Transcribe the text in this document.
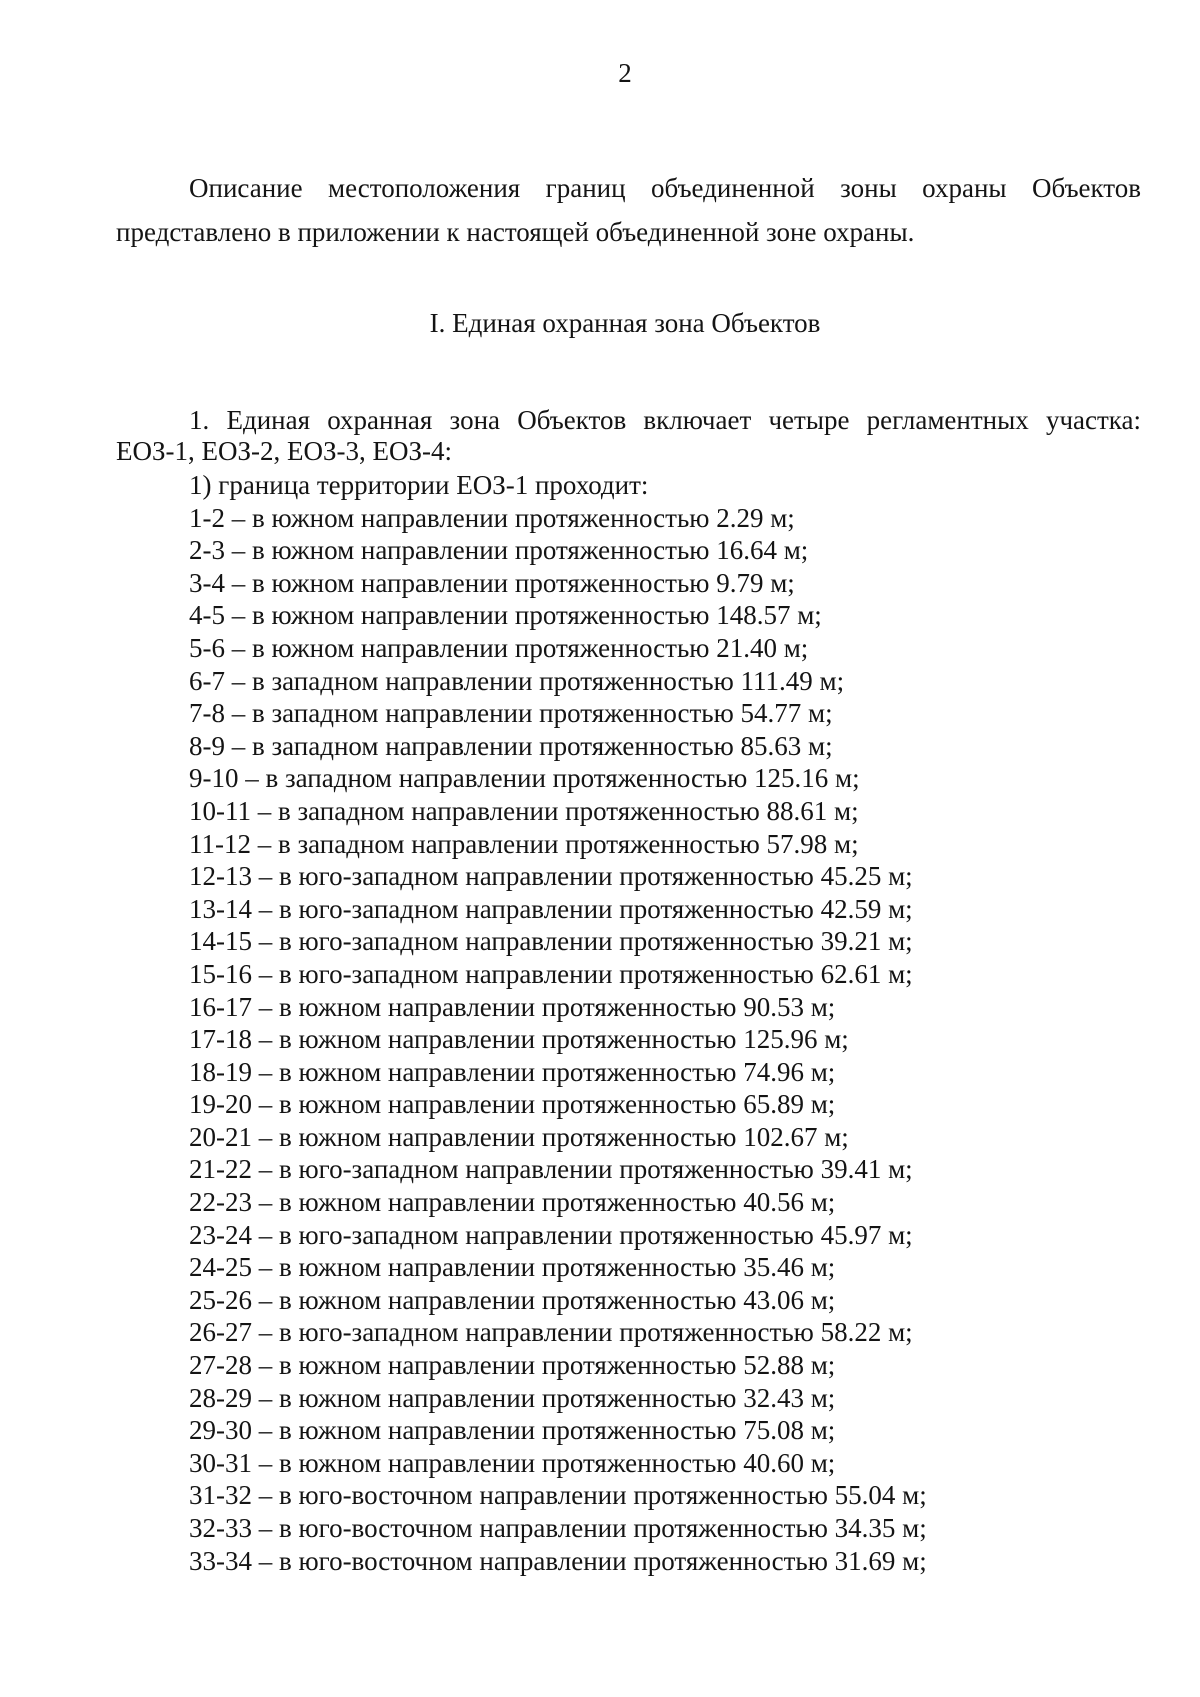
2

Описание местоположения границ объединенной зоны охраны Объектов представлено в приложении к настоящей объединенной зоне охраны.

I. Единая охранная зона Объектов

1. Единая охранная зона Объектов включает четыре регламентных участка: ЕОЗ-1, ЕОЗ-2, ЕОЗ-3, ЕОЗ-4:

1) граница территории ЕОЗ-1 проходит:
1-2 – в южном направлении протяженностью 2.29 м;
2-3 – в южном направлении протяженностью 16.64 м;
3-4 – в южном направлении протяженностью 9.79 м;
4-5 – в южном направлении протяженностью 148.57 м;
5-6 – в южном направлении протяженностью 21.40 м;
6-7 – в западном направлении протяженностью 111.49 м;
7-8 – в западном направлении протяженностью 54.77 м;
8-9 – в западном направлении протяженностью 85.63 м;
9-10 – в западном направлении протяженностью 125.16 м;
10-11 – в западном направлении протяженностью 88.61 м;
11-12 – в западном направлении протяженностью 57.98 м;
12-13 – в юго-западном направлении протяженностью 45.25 м;
13-14 – в юго-западном направлении протяженностью 42.59 м;
14-15 – в юго-западном направлении протяженностью 39.21 м;
15-16 – в юго-западном направлении протяженностью 62.61 м;
16-17 – в южном направлении протяженностью 90.53 м;
17-18 – в южном направлении протяженностью 125.96 м;
18-19 – в южном направлении протяженностью 74.96 м;
19-20 – в южном направлении протяженностью 65.89 м;
20-21 – в южном направлении протяженностью 102.67 м;
21-22 – в юго-западном направлении протяженностью 39.41 м;
22-23 – в южном направлении протяженностью 40.56 м;
23-24 – в юго-западном направлении протяженностью 45.97 м;
24-25 – в южном направлении протяженностью 35.46 м;
25-26 – в южном направлении протяженностью 43.06 м;
26-27 – в юго-западном направлении протяженностью 58.22 м;
27-28 – в южном направлении протяженностью 52.88 м;
28-29 – в южном направлении протяженностью 32.43 м;
29-30 – в южном направлении протяженностью 75.08 м;
30-31 – в южном направлении протяженностью 40.60 м;
31-32 – в юго-восточном направлении протяженностью 55.04 м;
32-33 – в юго-восточном направлении протяженностью 34.35 м;
33-34 – в юго-восточном направлении протяженностью 31.69 м;
